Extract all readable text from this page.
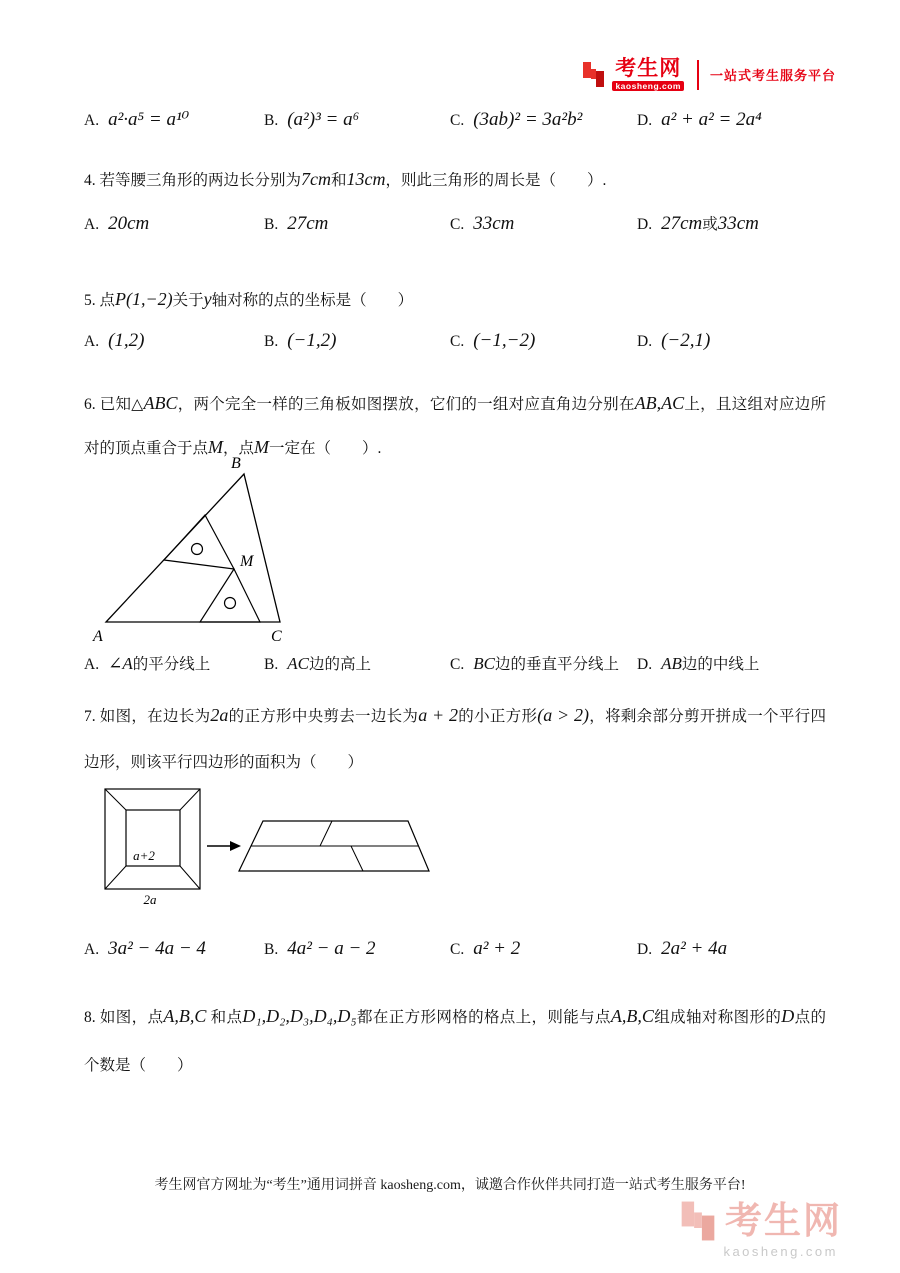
考生网
kaosheng.com
一站式考生服务平台
A. a²·a⁵ = a¹⁰	B. (a²)³ = a⁶	C. (3ab)² = 3a²b²	D. a² + a² = 2a⁴
4. 若等腰三角形的两边长分别为7cm和13cm，则此三角形的周长是（　　）.
A. 20cm	B. 27cm	C. 33cm	D. 27cm或33cm
5. 点P(1,−2)关于y轴对称的点的坐标是（　　）
A. (1,2)	B. (−1,2)	C. (−1,−2)	D. (−2,1)
6. 已知△ABC，两个完全一样的三角板如图摆放，它们的一组对应直角边分别在AB,AC上，且这组对应边所对的顶点重合于点M，点M一定在（　　）.
B
A	C
M
A. ∠A的平分线上	B. AC边的高上	C. BC边的垂直平分线上	D. AB边的中线上
7. 如图，在边长为2a的正方形中央剪去一边长为a + 2的小正方形(a > 2)，将剩余部分剪开拼成一个平行四边形，则该平行四边形的面积为（　　）
a+2
2a
A. 3a² − 4a − 4	B. 4a² − a − 2	C. a² + 2	D. 2a² + 4a
8. 如图，点A,B,C 和点D₁,D₂,D₃,D₄,D₅都在正方形网格的格点上，则能与点A,B,C组成轴对称图形的D点的个数是（　　）
考生网官方网址为“考生”通用词拼音 kaosheng.com，诚邀合作伙伴共同打造一站式考生服务平台!
考生网
kaosheng.com
